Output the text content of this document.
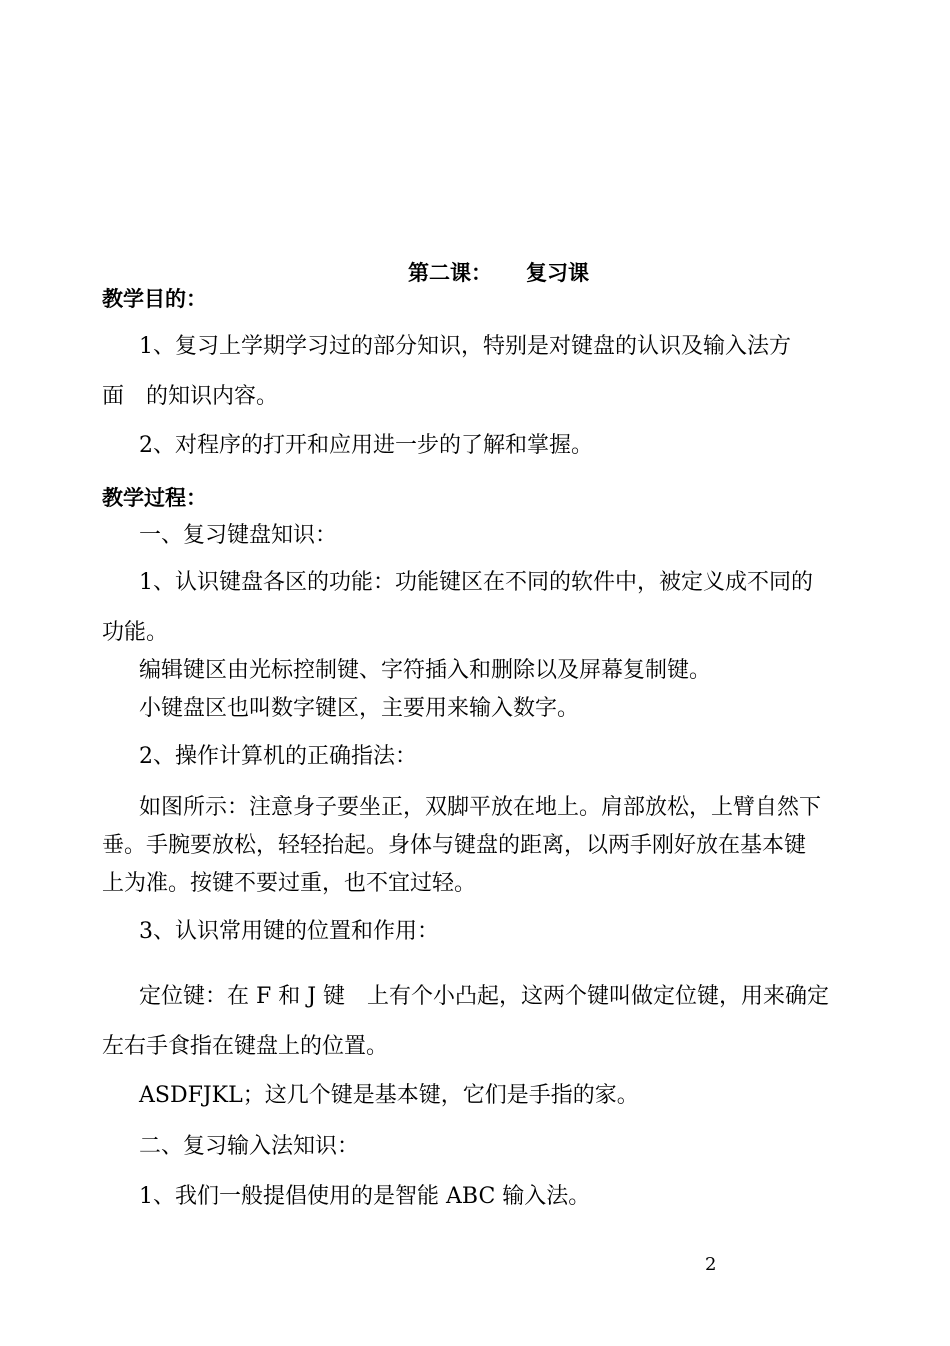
第二课： 复习课
教学目的：
1、复习上学期学习过的部分知识，特别是对键盘的认识及输入法方
面　的知识内容。
2、对程序的打开和应用进一步的了解和掌握。
教学过程：
一、复习键盘知识：
1、认识键盘各区的功能：功能键区在不同的软件中，被定义成不同的
功能。
编辑键区由光标控制键、字符插入和删除以及屏幕复制键。
小键盘区也叫数字键区，主要用来输入数字。
2、操作计算机的正确指法：
如图所示：注意身子要坐正，双脚平放在地上。肩部放松，上臂自然下
垂。手腕要放松，轻轻抬起。身体与键盘的距离，以两手刚好放在基本键
上为准。按键不要过重，也不宜过轻。
3、认识常用键的位置和作用：
定位键：在 F 和 J 键　上有个小凸起，这两个键叫做定位键，用来确定
左右手食指在键盘上的位置。
ASDFJKL；这几个键是基本键，它们是手指的家。
二、复习输入法知识：
1、我们一般提倡使用的是智能 ABC 输入法。
2
